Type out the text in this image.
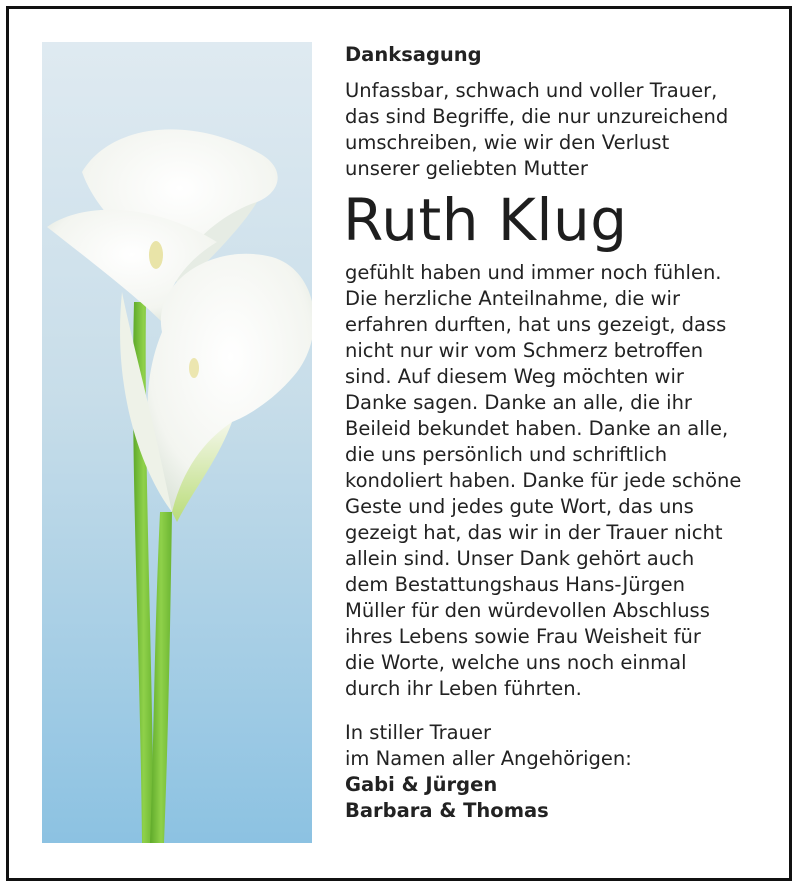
Danksagung
Unfassbar, schwach und voller Trauer,
das sind Begriffe, die nur unzureichend
umschreiben, wie wir den Verlust
unserer geliebten Mutter
Ruth Klug
gefühlt haben und immer noch fühlen.
Die herzliche Anteilnahme, die wir
erfahren durften, hat uns gezeigt, dass
nicht nur wir vom Schmerz betroffen
sind. Auf diesem Weg möchten wir
Danke sagen. Danke an alle, die ihr
Beileid bekundet haben. Danke an alle,
die uns persönlich und schriftlich
kondoliert haben. Danke für jede schöne
Geste und jedes gute Wort, das uns
gezeigt hat, das wir in der Trauer nicht
allein sind. Unser Dank gehört auch
dem Bestattungshaus Hans-Jürgen
Müller für den würdevollen Abschluss
ihres Lebens sowie Frau Weisheit für
die Worte, welche uns noch einmal
durch ihr Leben führten.
In stiller Trauer
im Namen aller Angehörigen:
Gabi & Jürgen
Barbara & Thomas
